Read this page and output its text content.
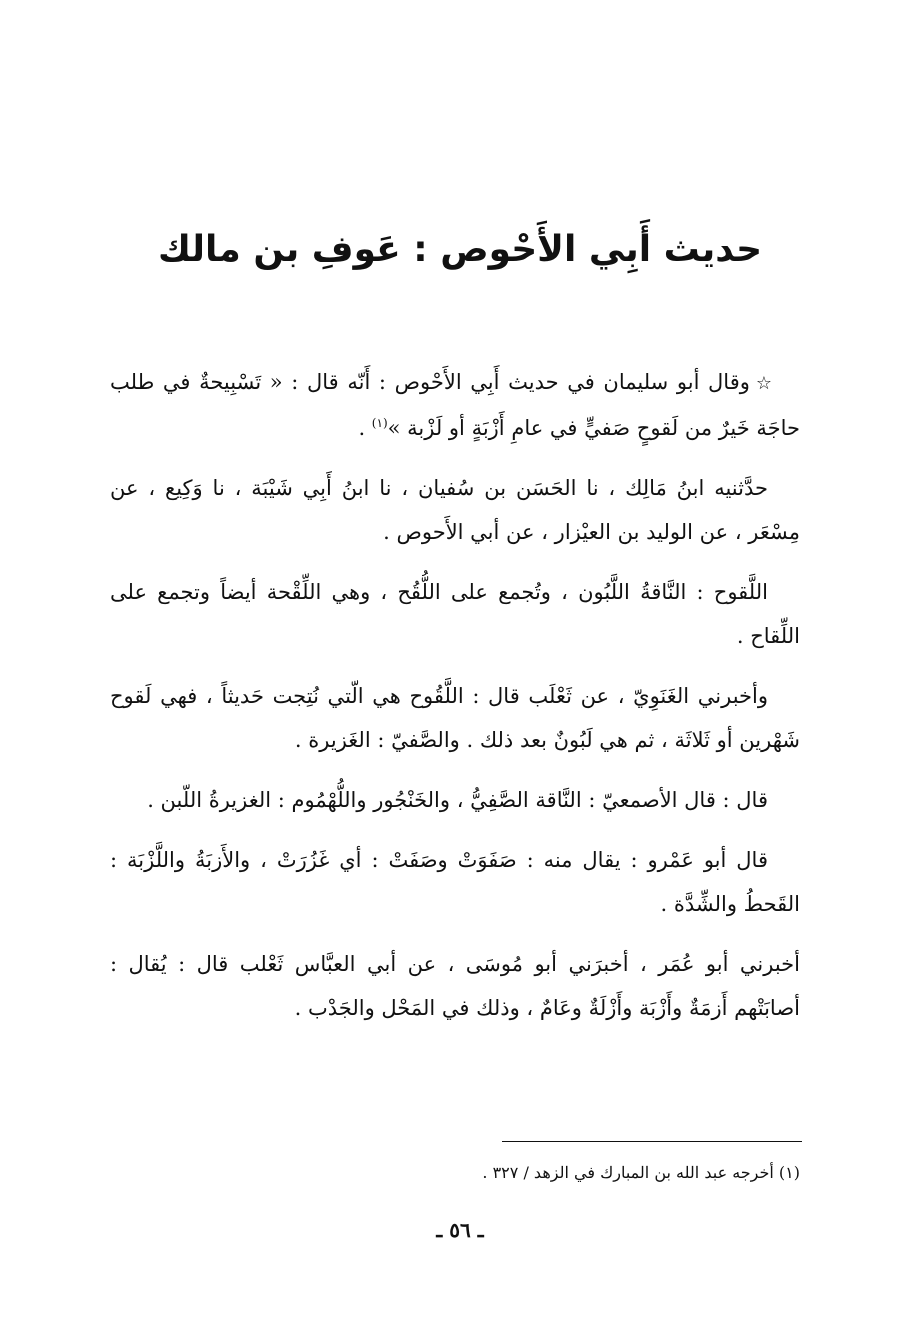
حديث أَبِي الأَحْوص : عَوفِ بن مالك

☆وقال أبو سليمان في حديث أَبِي الأَحْوص : أَنّه قال : « تَسْبِيحةٌ في طلب حاجَة خَيرٌ من لَقوحٍ صَفيٍّ في عامِ أَزْبَةٍ أو لَزْبة »$^{(١)}$ .

حدَّثنيه ابنُ مَالِك ، نا الحَسَن بن سُفيان ، نا ابنُ أَبِي شَيْبَة ، نا وَكِيع ، عن مِسْعَر ، عن الوليد بن العيْزار ، عن أبي الأَحوص .

اللَّقوح : النَّاقةُ اللَّبُون ، وتُجمع على اللُّقُح ، وهي اللِّقْحة أيضاً وتجمع على اللِّقاح .

وأخبرني الغَنَوِيّ ، عن ثَعْلَب قال : اللَّقُوح هي الّتي نُتِجت حَديثاً ، فهي لَقوح شَهْرين أو ثَلاثَة ، ثم هي لَبُونٌ بعد ذلك . والصَّفيّ : الغَزيرة .

قال : قال الأصمعيّ : النَّاقة الصَّفِيُّ ، والخَنْجُور واللُّهْمُوم : الغزيرةُ اللّبن .

قال أبو عَمْرو : يقال منه : صَفَوَتْ وصَفَتْ : أي غَزُرَتْ ، والأَزبَةُ واللَّزْبَة : القَحطُ والشِّدَّة .

أخبرني أبو عُمَر ، أخبرَني أبو مُوسَى ، عن أبي العبَّاس ثَعْلب قال : يُقال : أصابَتْهم أَزمَةٌ وأَزْبَة وأَزْلَةٌ وعَامٌ ، وذلك في المَحْل والجَدْب .

(١) أخرجه عبد الله بن المبارك في الزهد / ٣٢٧ .

ـ ٥٦ ـ
